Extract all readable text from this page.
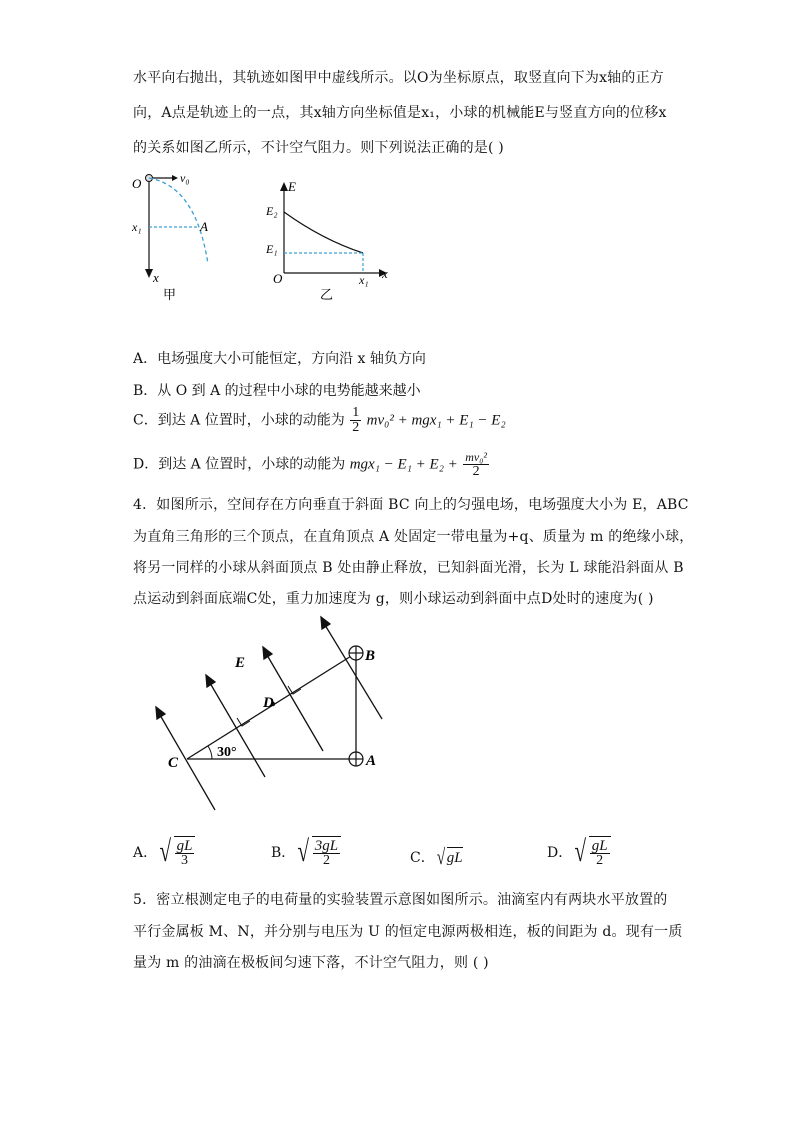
水平向右抛出，其轨迹如图甲中虚线所示。以O为坐标原点，取竖直向下为x轴的正方
向，A点是轨迹上的一点，其x轴方向坐标值是x₁，小球的机械能E与竖直方向的位移x
的关系如图乙所示，不计空气阻力。则下列说法正确的是( )
O	v₀
x₁	A
x
甲
E
E₂
E₁
O	x₁ x
乙
A．电场强度大小可能恒定，方向沿 x 轴负方向
B．从 O 到 A 的过程中小球的电势能越来越小
C．到达 A 位置时，小球的动能为 $\frac{1}{2} mv_0^2 + mgx_1 + E_1 - E_2$
D．到达 A 位置时，小球的动能为 $mgx_1 - E_1 + E_2 + \frac{\text{mv₀²}}{2}$
4．如图所示，空间存在方向垂直于斜面 BC 向上的匀强电场，电场强度大小为 E，ABC
为直角三角形的三个顶点，在直角顶点 A 处固定一带电量为+q、质量为 m 的绝缘小球，
将另一同样的小球从斜面顶点 B 处由静止释放，已知斜面光滑，长为 L 球能沿斜面从 B
点运动到斜面底端C处，重力加速度为 g，则小球运动到斜面中点D处时的速度为( )
E	B
D
C	A
30°
A． √ $\frac{gL}{3}$	B． √ $\frac{3gL}{2}$	C． √ gL	D． √ $\frac{gL}{2}$
5．密立根测定电子的电荷量的实验装置示意图如图所示。油滴室内有两块水平放置的
平行金属板 M、N，并分别与电压为 U 的恒定电源两极相连，板的间距为 d。现有一质
量为 m 的油滴在极板间匀速下落，不计空气阻力，则 ( )
